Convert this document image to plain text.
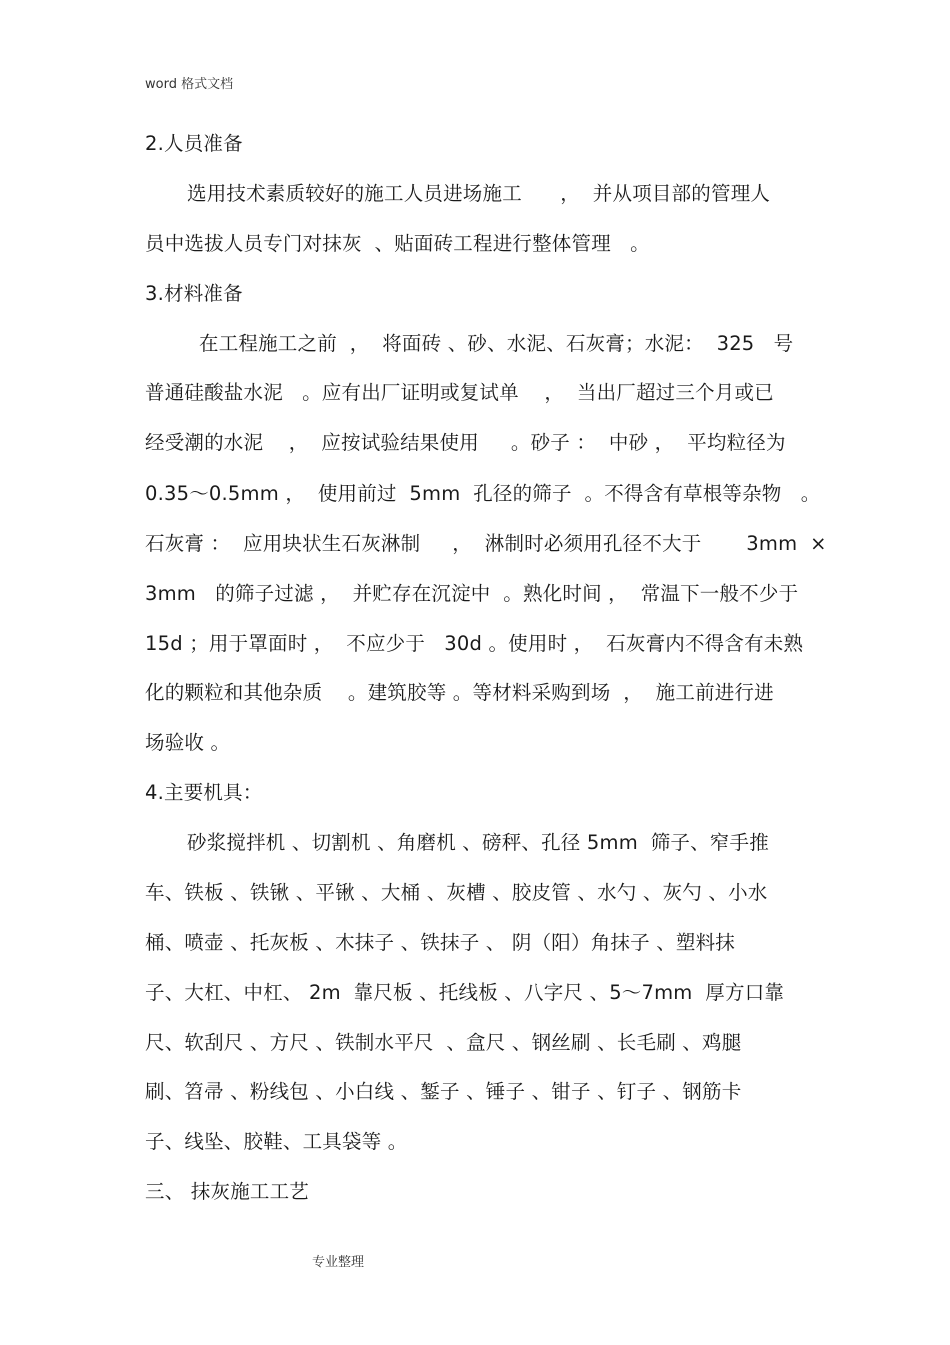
word 格式文档
2.人员准备
选用技术素质较好的施工人员进场施工      ，  并从项目部的管理人
员中选拔人员专门对抹灰  、贴面砖工程进行整体管理   。
3.材料准备
在工程施工之前  ，  将面砖 、砂、水泥、石灰膏；水泥：  325   号
普通硅酸盐水泥   。应有出厂证明或复试单    ，  当出厂超过三个月或已
经受潮的水泥    ，  应按试验结果使用     。砂子 ：  中砂 ，  平均粒径为
0.35～0.5mm ，  使用前过  5mm  孔径的筛子  。不得含有草根等杂物   。
石灰膏 ：  应用块状生石灰淋制     ，  淋制时必须用孔径不大于       3mm  ×
3mm   的筛子过滤 ，  并贮存在沉淀中  。熟化时间 ，  常温下一般不少于
15d ；用于罩面时 ，  不应少于   30d 。使用时 ，  石灰膏内不得含有未熟
化的颗粒和其他杂质    。建筑胶等 。等材料采购到场  ，  施工前进行进
场验收 。
4.主要机具：
砂浆搅拌机 、切割机 、角磨机 、磅秤、孔径 5mm  筛子、窄手推
车、铁板 、铁锹 、平锹 、大桶 、灰槽 、胶皮管 、水勺 、灰勺 、小水
桶、喷壶 、托灰板 、木抹子 、铁抹子 、 阴（阳）角抹子 、塑料抹
子、大杠、中杠、 2m  靠尺板 、托线板 、八字尺 、5～7mm  厚方口靠
尺、软刮尺 、方尺 、铁制水平尺  、盒尺 、钢丝刷 、长毛刷 、鸡腿
刷、笤帚 、粉线包 、小白线 、錾子 、锤子 、钳子 、钉子 、钢筋卡
子、线坠、胶鞋、工具袋等 。
三、 抹灰施工工艺
专业整理
